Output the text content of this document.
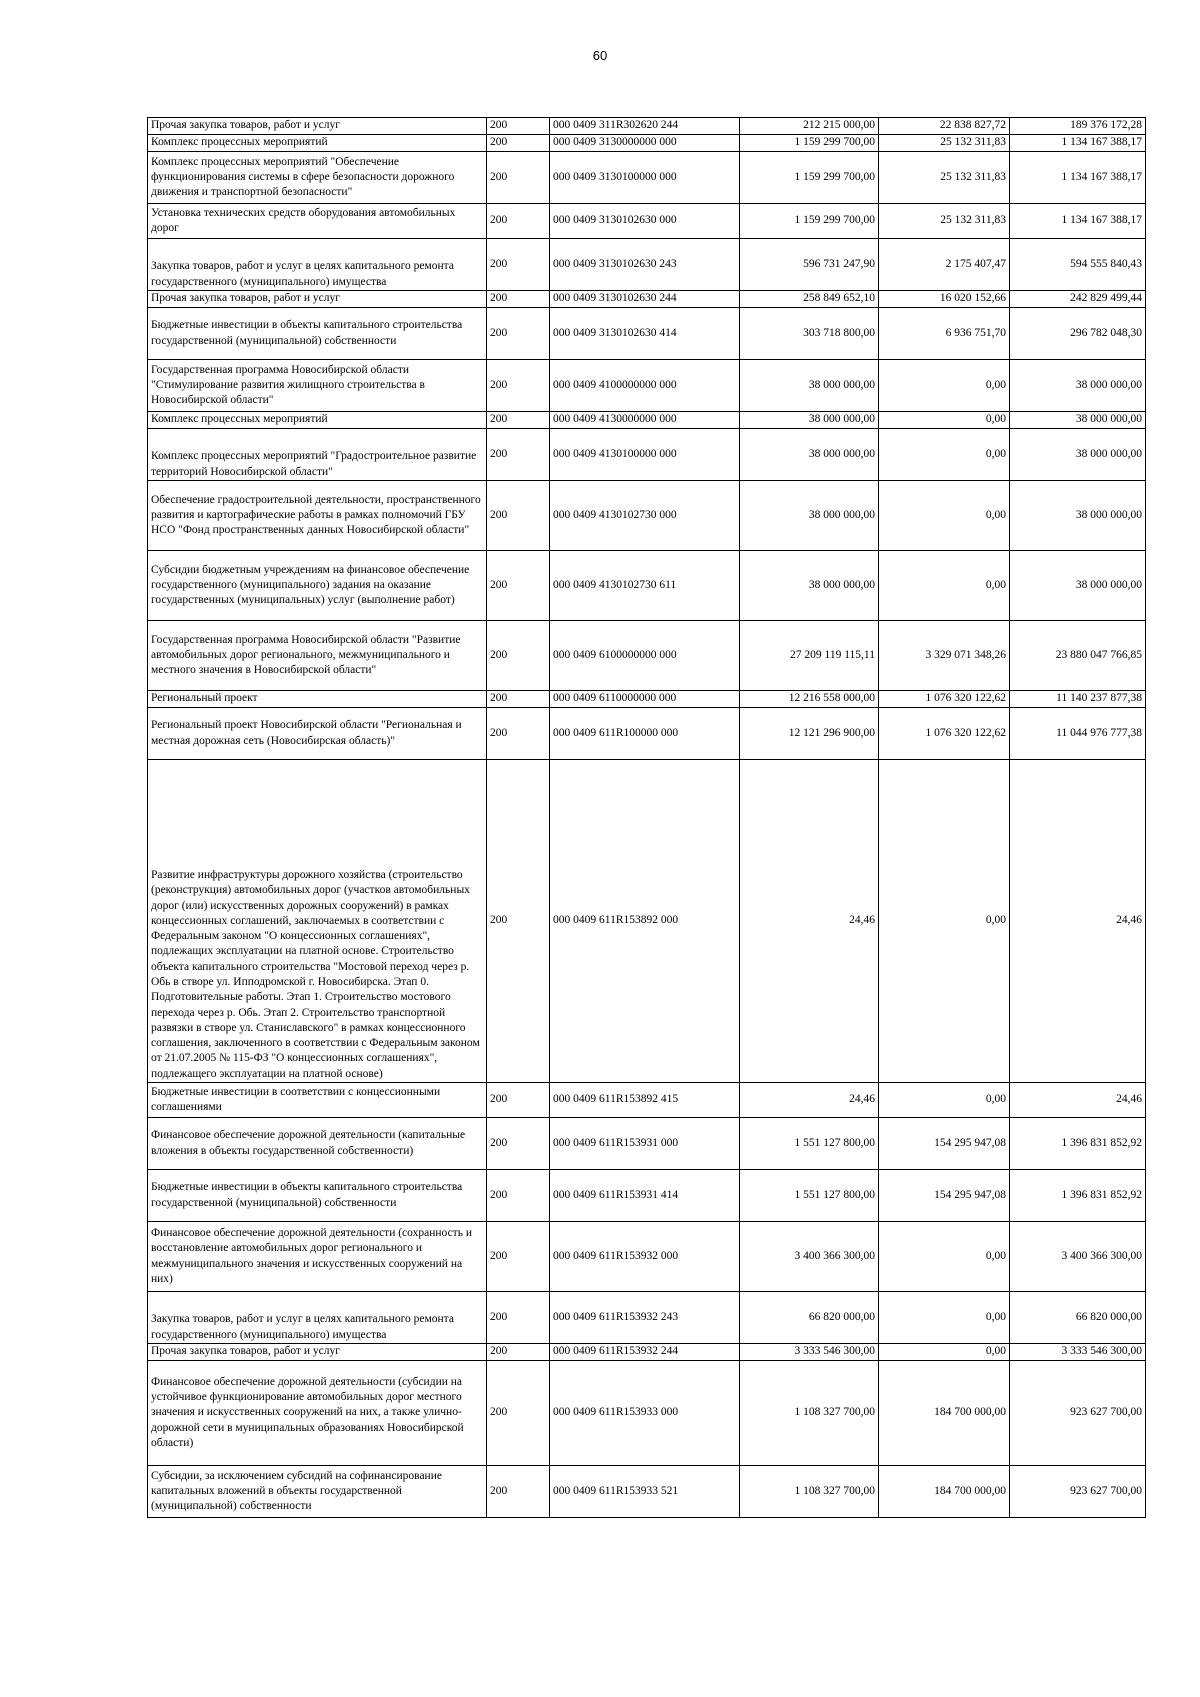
60
Прочая закупка товаров, работ и услуг	200	000 0409 311R302620 244	212 215 000,00	22 838 827,72	189 376 172,28
Комплекс процессных мероприятий	200	000 0409 3130000000 000	1 159 299 700,00	25 132 311,83	1 134 167 388,17
Комплекс процессных мероприятий "Обеспечение функционирования системы в сфере безопасности дорожного движения и транспортной безопасности"	200	000 0409 3130100000 000	1 159 299 700,00	25 132 311,83	1 134 167 388,17
Установка технических средств оборудования автомобильных дорог	200	000 0409 3130102630 000	1 159 299 700,00	25 132 311,83	1 134 167 388,17
Закупка товаров, работ и услуг в целях капитального ремонта государственного (муниципального) имущества	200	000 0409 3130102630 243	596 731 247,90	2 175 407,47	594 555 840,43
Прочая закупка товаров, работ и услуг	200	000 0409 3130102630 244	258 849 652,10	16 020 152,66	242 829 499,44
Бюджетные инвестиции в объекты капитального строительства государственной (муниципальной) собственности	200	000 0409 3130102630 414	303 718 800,00	6 936 751,70	296 782 048,30
Государственная программа Новосибирской области "Стимулирование развития жилищного строительства в Новосибирской области"	200	000 0409 4100000000 000	38 000 000,00	0,00	38 000 000,00
Комплекс процессных мероприятий	200	000 0409 4130000000 000	38 000 000,00	0,00	38 000 000,00
Комплекс процессных мероприятий "Градостроительное развитие территорий Новосибирской области"	200	000 0409 4130100000 000	38 000 000,00	0,00	38 000 000,00
Обеспечение градостроительной деятельности, пространственного развития и картографические работы в рамках полномочий ГБУ НСО "Фонд пространственных данных Новосибирской области"	200	000 0409 4130102730 000	38 000 000,00	0,00	38 000 000,00
Субсидии бюджетным учреждениям на финансовое обеспечение государственного (муниципального) задания на оказание государственных (муниципальных) услуг (выполнение работ)	200	000 0409 4130102730 611	38 000 000,00	0,00	38 000 000,00
Государственная программа Новосибирской области "Развитие автомобильных дорог регионального, межмуниципального и местного значения в Новосибирской области"	200	000 0409 6100000000 000	27 209 119 115,11	3 329 071 348,26	23 880 047 766,85
Региональный проект	200	000 0409 6110000000 000	12 216 558 000,00	1 076 320 122,62	11 140 237 877,38
Региональный проект Новосибирской области "Региональная и местная дорожная сеть (Новосибирская область)"	200	000 0409 611R100000 000	12 121 296 900,00	1 076 320 122,62	11 044 976 777,38
Развитие инфраструктуры дорожного хозяйства (строительство (реконструкция) автомобильных дорог (участков автомобильных дорог (или) искусственных дорожных сооружений) в рамках концессионных соглашений, заключаемых в соответствии с Федеральным законом "О концессионных соглашениях", подлежащих эксплуатации на платной основе. Строительство объекта капитального строительства "Мостовой переход через р. Обь в створе ул. Ипподромской г. Новосибирска. Этап 0. Подготовительные работы. Этап 1. Строительство мостового перехода через р. Обь. Этап 2. Строительство транспортной развязки в створе ул. Станиславского" в рамках концессионного соглашения, заключенного в соответствии с Федеральным законом от 21.07.2005 № 115-ФЗ "О концессионных соглашениях", подлежащего эксплуатации на платной основе)	200	000 0409 611R153892 000	24,46	0,00	24,46
Бюджетные инвестиции в соответствии с концессионными соглашениями	200	000 0409 611R153892 415	24,46	0,00	24,46
Финансовое обеспечение дорожной деятельности (капитальные вложения в объекты государственной собственности)	200	000 0409 611R153931 000	1 551 127 800,00	154 295 947,08	1 396 831 852,92
Бюджетные инвестиции в объекты капитального строительства государственной (муниципальной) собственности	200	000 0409 611R153931 414	1 551 127 800,00	154 295 947,08	1 396 831 852,92
Финансовое обеспечение дорожной деятельности (сохранность и восстановление автомобильных дорог регионального и межмуниципального значения и искусственных сооружений на них)	200	000 0409 611R153932 000	3 400 366 300,00	0,00	3 400 366 300,00
Закупка товаров, работ и услуг в целях капитального ремонта государственного (муниципального) имущества	200	000 0409 611R153932 243	66 820 000,00	0,00	66 820 000,00
Прочая закупка товаров, работ и услуг	200	000 0409 611R153932 244	3 333 546 300,00	0,00	3 333 546 300,00
Финансовое обеспечение дорожной деятельности (субсидии на устойчивое функционирование автомобильных дорог местного значения и искусственных сооружений на них, а также улично-дорожной сети в муниципальных образованиях Новосибирской области)	200	000 0409 611R153933 000	1 108 327 700,00	184 700 000,00	923 627 700,00
Субсидии, за исключением субсидий на софинансирование капитальных вложений в объекты государственной (муниципальной) собственности	200	000 0409 611R153933 521	1 108 327 700,00	184 700 000,00	923 627 700,00
